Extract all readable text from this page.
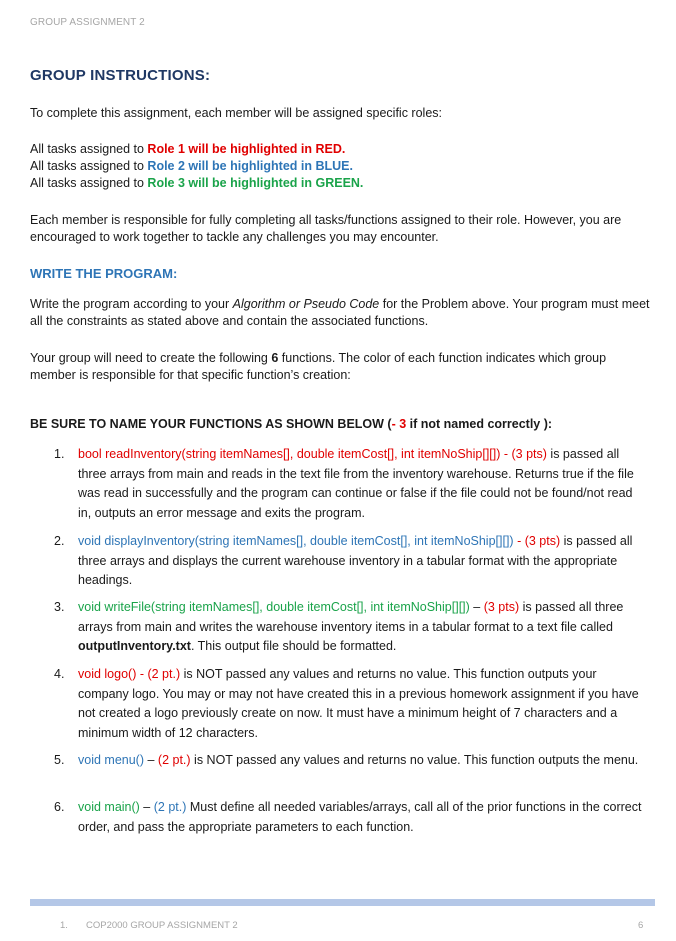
GROUP ASSIGNMENT 2
GROUP INSTRUCTIONS:

To complete this assignment, each member will be assigned specific roles:

All tasks assigned to Role 1 will be highlighted in RED.
All tasks assigned to Role 2 will be highlighted in BLUE.
All tasks assigned to Role 3 will be highlighted in GREEN.

Each member is responsible for fully completing all tasks/functions assigned to their role. However, you are encouraged to work together to tackle any challenges you may encounter.

WRITE THE PROGRAM:

Write the program according to your Algorithm or Pseudo Code for the Problem above. Your program must meet all the constraints as stated above and contain the associated functions.

Your group will need to create the following 6 functions. The color of each function indicates which group member is responsible for that specific function’s creation:

BE SURE TO NAME YOUR FUNCTIONS AS SHOWN BELOW (- 3 if not named correctly ):

1. bool readInventory(string itemNames[], double itemCost[], int itemNoShip[][]) - (3 pts) is passed all three arrays from main and reads in the text file from the inventory warehouse. Returns true if the file was read in successfully and the program can continue or false if the file could not be found/not read in, outputs an error message and exits the program.
2. void displayInventory(string itemNames[], double itemCost[], int itemNoShip[][]) - (3 pts) is passed all three arrays and displays the current warehouse inventory in a tabular format with the appropriate headings.
3. void writeFile(string itemNames[], double itemCost[], int itemNoShip[][]) – (3 pts) is passed all three arrays from main and writes the warehouse inventory items in a tabular format to a text file called outputInventory.txt. This output file should be formatted.
4. void logo() - (2 pt.) is NOT passed any values and returns no value. This function outputs your company logo. You may or may not have created this in a previous homework assignment if you have not created a logo previously create on now. It must have a minimum height of 7 characters and a minimum width of 12 characters.
5. void menu() – (2 pt.) is NOT passed any values and returns no value. This function outputs the menu.
6. void main() – (2 pt.) Must define all needed variables/arrays, call all of the prior functions in the correct order, and pass the appropriate parameters to each function.
1. COP2000 GROUP ASSIGNMENT 2	6
